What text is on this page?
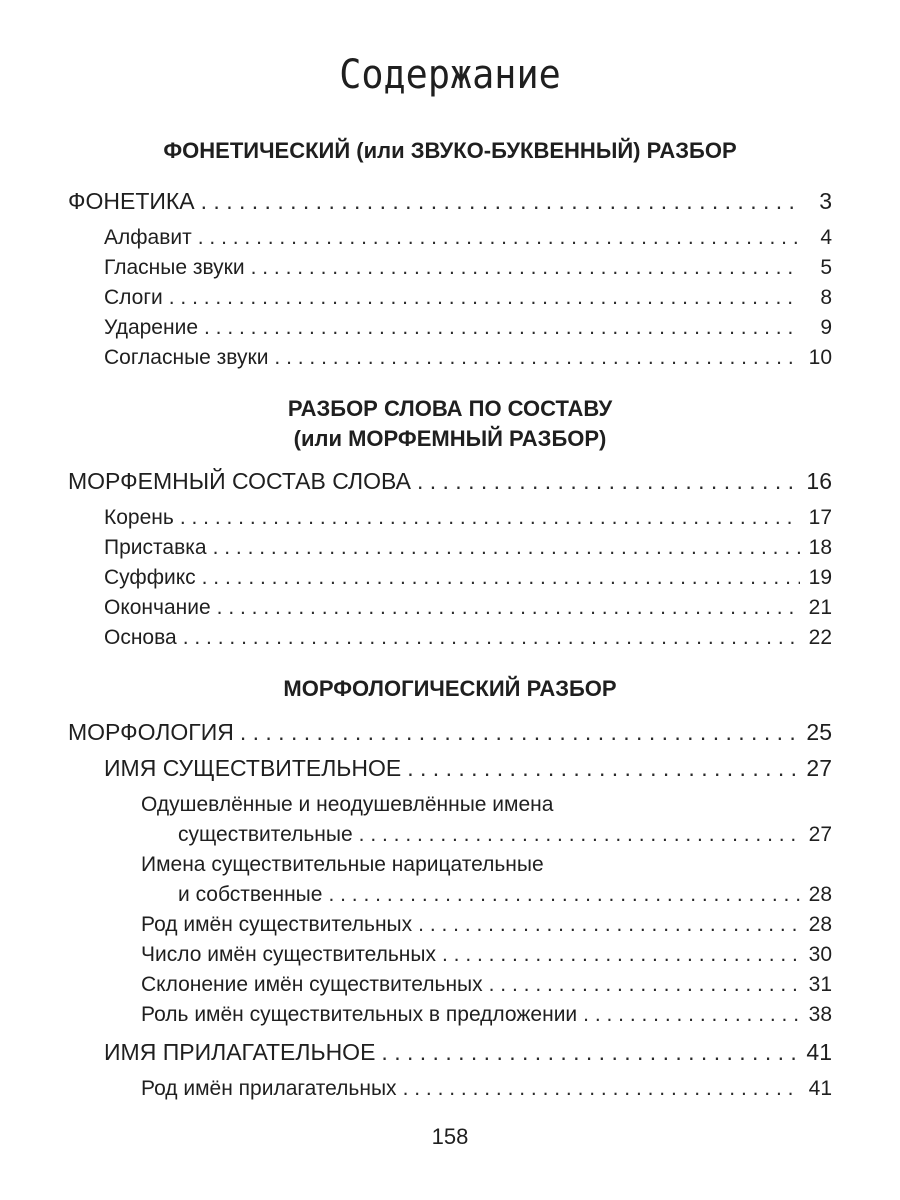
Содержание
ФОНЕТИЧЕСКИЙ (или ЗВУКО-БУКВЕННЫЙ) РАЗБОР
ФОНЕТИКА . . .	3
Алфавит . . .	4
Гласные звуки . . .	5
Слоги . . .	8
Ударение . . .	9
Согласные звуки . . .	10
РАЗБОР СЛОВА ПО СОСТАВУ
(или МОРФЕМНЫЙ РАЗБОР)
МОРФЕМНЫЙ СОСТАВ СЛОВА . . .	16
Корень . . .	17
Приставка . . .	18
Суффикс . . .	19
Окончание . . .	21
Основа . . .	22
МОРФОЛОГИЧЕСКИЙ РАЗБОР
МОРФОЛОГИЯ . . .	25
ИМЯ СУЩЕСТВИТЕЛЬНОЕ . . .	27
Одушевлённые и неодушевлённые имена
существительные . . .	27
Имена существительные нарицательные
и собственные . . .	28
Род имён существительных . . .	28
Число имён существительных . . .	30
Склонение имён существительных . . .	31
Роль имён существительных в предложении . . .	38
ИМЯ ПРИЛАГАТЕЛЬНОЕ . . .	41
Род имён прилагательных . . .	41
158
